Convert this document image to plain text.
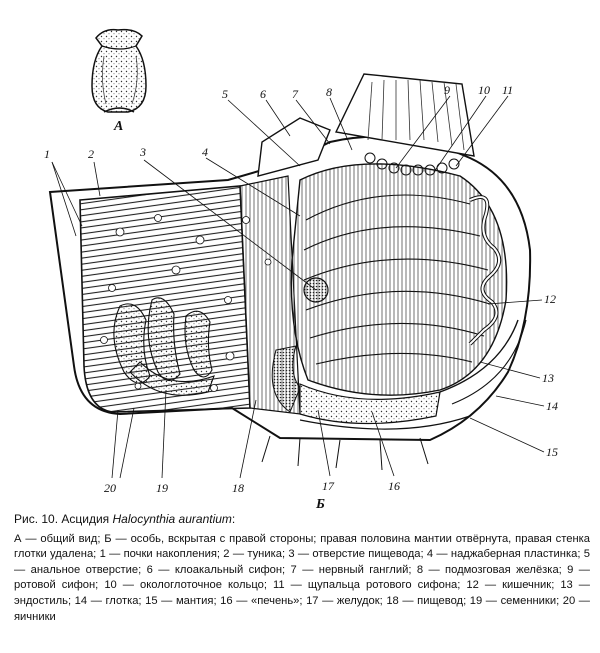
1	2	3	4
5	6 7 8	9 10 11
12
13
14
15
16
17
18
19
20
А
Б
Рис. 10. Асцидия Halocynthia aurantium:

А — общий вид; Б — особь, вскрытая с правой стороны; правая половина мантии отвёрнута, правая стенка глотки удалена; 1 — почки накопления; 2 — туника; 3 — отверстие пищевода; 4 — наджаберная пластинка; 5 — анальное отверстие; 6 — клоакальный сифон; 7 — нервный ганглий; 8 — подмозговая желёзка; 9 — ротовой сифон; 10 — окологлоточное кольцо; 11 — щупальца ротового сифона; 12 — кишечник; 13 — эндостиль; 14 — глотка; 15 — мантия; 16 — «печень»; 17 — желудок; 18 — пищевод; 19 — семенники; 20 — яичники
